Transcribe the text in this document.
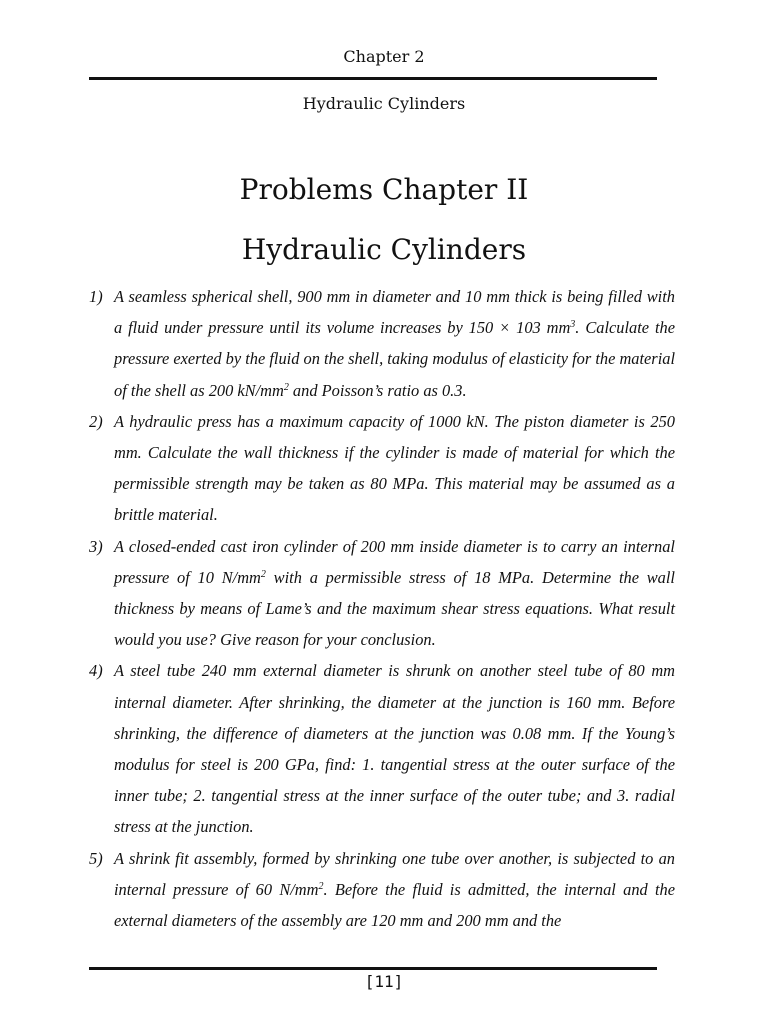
Chapter 2
Hydraulic Cylinders
Problems Chapter II
Hydraulic Cylinders
1) A seamless spherical shell, 900 mm in diameter and 10 mm thick is being filled with a fluid under pressure until its volume increases by 150 × 103 $mm^3$. Calculate the pressure exerted by the fluid on the shell, taking modulus of elasticity for the material of the shell as 200 $kN/mm^2$ and Poisson’s ratio as 0.3.
2) A hydraulic press has a maximum capacity of 1000 kN. The piston diameter is 250 mm. Calculate the wall thickness if the cylinder is made of material for which the permissible strength may be taken as 80 MPa. This material may be assumed as a brittle material.
3) A closed-ended cast iron cylinder of 200 mm inside diameter is to carry an internal pressure of 10 $N/mm^2$ with a permissible stress of 18 MPa. Determine the wall thickness by means of Lame’s and the maximum shear stress equations. What result would you use? Give reason for your conclusion.
4) A steel tube 240 mm external diameter is shrunk on another steel tube of 80 mm internal diameter. After shrinking, the diameter at the junction is 160 mm. Before shrinking, the difference of diameters at the junction was 0.08 mm. If the Young’s modulus for steel is 200 GPa, find: 1. tangential stress at the outer surface of the inner tube; 2. tangential stress at the inner surface of the outer tube; and 3. radial stress at the junction.
5) A shrink fit assembly, formed by shrinking one tube over another, is subjected to an internal pressure of 60 $N/mm^2$. Before the fluid is admitted, the internal and the external diameters of the assembly are 120 mm and 200 mm and the
[11]
